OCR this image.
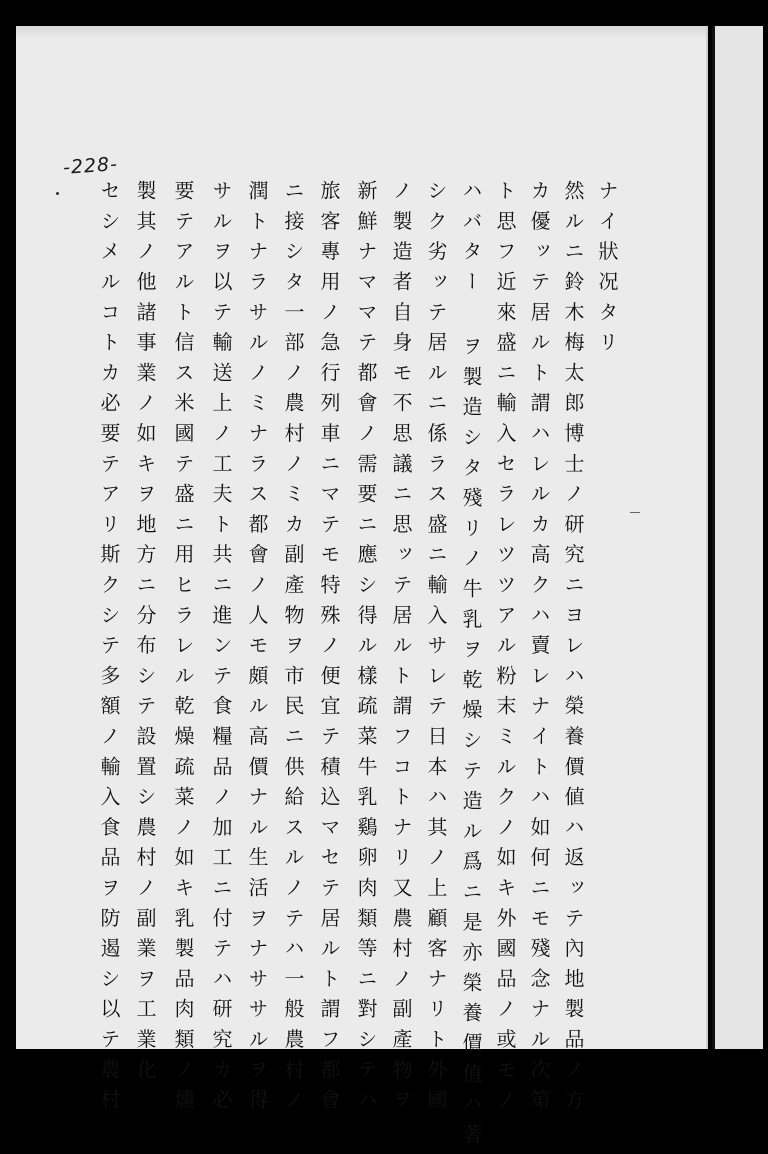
-228-
ナイ狀况タリ
然ルニ鈴木梅太郎博士ノ研究ニヨレハ榮養價値ハ返ッテ內地製品ノ方
カ優ッテ居ルト謂ハレルカ高クハ賣レナイトハ如何ニモ殘念ナル次第
ト思フ近來盛ニ輸入セラレツツアル粉末ミルクノ如キ外國品ノ或モノ
ハバター ヲ製造シタ殘リノ牛乳ヲ乾燥シテ造ル爲ニ是亦榮養價值ハ著
シク劣ッテ居ルニ係ラス盛ニ輸入サレテ日本ハ其ノ上顧客ナリト外國
ノ製造者自身モ不思議ニ思ッテ居ルト謂フコトナリ又農村ノ副產物ヲ
新鮮ナママテ都會ノ需要ニ應シ得ル樣疏菜牛乳鷄卵肉類等ニ對シテハ
旅客專用ノ急行列車ニマテモ特殊ノ便宜テ積込マセテ居ルト謂フ都會
ニ接シタ一部ノ農村ノミカ副產物ヲ市民ニ供給スルノテハ一般農村ノ
潤トナラサルノミナラス都會ノ人モ頗ル高價ナル生活ヲナササルヲ得
サルヲ以テ輸送上ノ工夫ト共ニ進ンテ食糧品ノ加工ニ付テハ研究カ必
要テアルト信ス米國テ盛ニ用ヒラレル乾燥疏菜ノ如キ乳製品肉類ノ燻
製其ノ他諸事業ノ如キヲ地方ニ分布シテ設置シ農村ノ副業ヲ工業化
セシメルコトカ必要テアリ斯クシテ多額ノ輸入食品ヲ防遏シ以テ農村
